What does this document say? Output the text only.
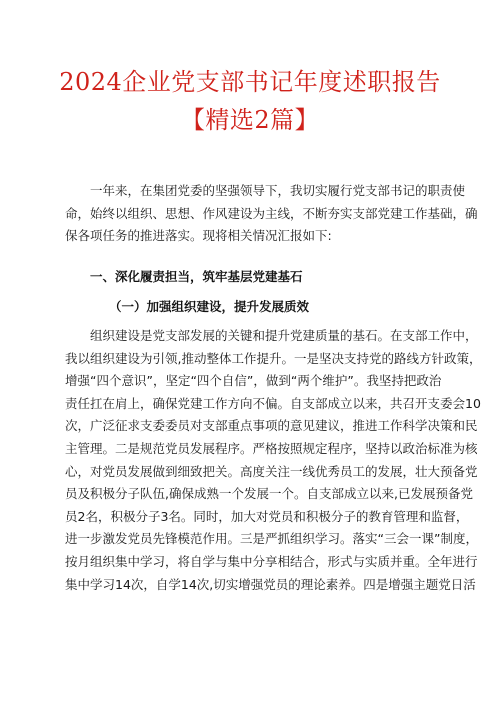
2024企业党支部书记年度述职报告
【精选2篇】
一年来，在集团党委的坚强领导下，我切实履行党支部书记的职责使
命，始终以组织、思想、作风建设为主线，不断夯实支部党建工作基础，确
保各项任务的推进落实。现将相关情况汇报如下:
一、深化履责担当，筑牢基层党建基石
（一）加强组织建设，提升发展质效
组织建设是党支部发展的关键和提升党建质量的基石。在支部工作中，
我以组织建设为引领,推动整体工作提升。一是坚决支持党的路线方针政策，
增强“四个意识”，坚定“四个自信”，做到“两个维护”。我坚持把政治
责任扛在肩上，确保党建工作方向不偏。自支部成立以来，共召开支委会10
次，广泛征求支委委员对支部重点事项的意见建议，推进工作科学决策和民
主管理。二是规范党员发展程序。严格按照规定程序，坚持以政治标准为核
心，对党员发展做到细致把关。高度关注一线优秀员工的发展，壮大预备党
员及积极分子队伍,确保成熟一个发展一个。自支部成立以来,已发展预备党
员2名，积极分子3名。同时，加大对党员和积极分子的教育管理和监督，
进一步激发党员先锋模范作用。三是严抓组织学习。落实“三会一课”制度，
按月组织集中学习，将自学与集中分享相结合，形式与实质并重。全年进行
集中学习14次，自学14次,切实增强党员的理论素养。四是增强主题党日活
